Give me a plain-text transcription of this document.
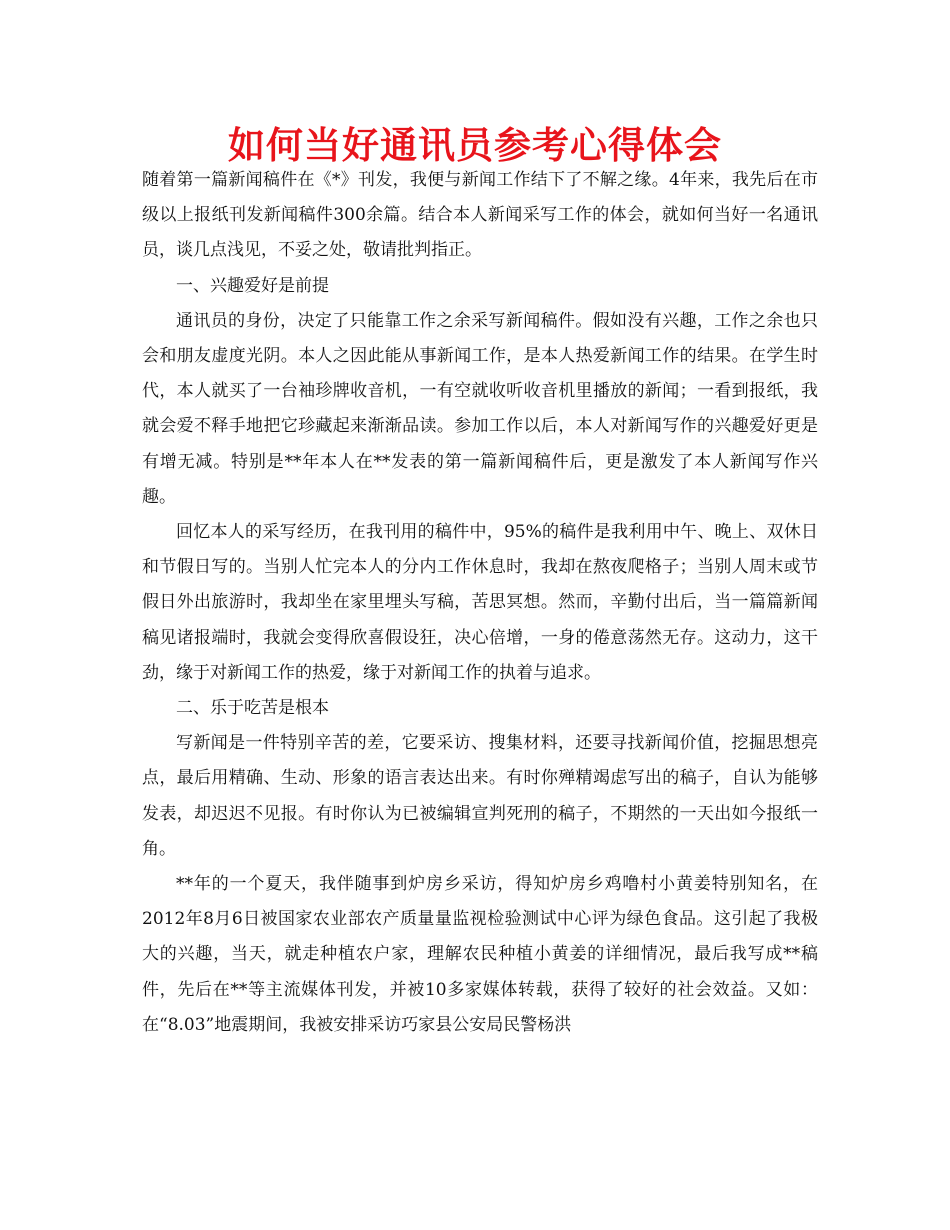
如何当好通讯员参考心得体会

随着第一篇新闻稿件在《*》刊发，我便与新闻工作结下了不解之缘。4年来，我先后在市级以上报纸刊发新闻稿件300余篇。结合本人新闻采写工作的体会，就如何当好一名通讯员，谈几点浅见，不妥之处，敬请批判指正。

一、兴趣爱好是前提

通讯员的身份，决定了只能靠工作之余采写新闻稿件。假如没有兴趣，工作之余也只会和朋友虚度光阴。本人之因此能从事新闻工作，是本人热爱新闻工作的结果。在学生时代，本人就买了一台袖珍牌收音机，一有空就收听收音机里播放的新闻；一看到报纸，我就会爱不释手地把它珍藏起来渐渐品读。参加工作以后，本人对新闻写作的兴趣爱好更是有增无减。特别是**年本人在**发表的第一篇新闻稿件后，更是激发了本人新闻写作兴趣。

回忆本人的采写经历，在我刊用的稿件中，95%的稿件是我利用中午、晚上、双休日和节假日写的。当别人忙完本人的分内工作休息时，我却在熬夜爬格子；当别人周末或节假日外出旅游时，我却坐在家里埋头写稿，苦思冥想。然而，辛勤付出后，当一篇篇新闻稿见诸报端时，我就会变得欣喜假设狂，决心倍增，一身的倦意荡然无存。这动力，这干劲，缘于对新闻工作的热爱，缘于对新闻工作的执着与追求。

二、乐于吃苦是根本

写新闻是一件特别辛苦的差，它要采访、搜集材料，还要寻找新闻价值，挖掘思想亮点，最后用精确、生动、形象的语言表达出来。有时你殚精竭虑写出的稿子，自认为能够发表，却迟迟不见报。有时你认为已被编辑宣判死刑的稿子，不期然的一天出如今报纸一角。

**年的一个夏天，我伴随事到炉房乡采访，得知炉房乡鸡噜村小黄姜特别知名，在2012年8月6日被国家农业部农产质量量监视检验测试中心评为绿色食品。这引起了我极大的兴趣，当天，就走种植农户家，理解农民种植小黄姜的详细情况，最后我写成**稿件，先后在**等主流媒体刊发，并被10多家媒体转载，获得了较好的社会效益。又如：在“8.03”地震期间，我被安排采访巧家县公安局民警杨洪
